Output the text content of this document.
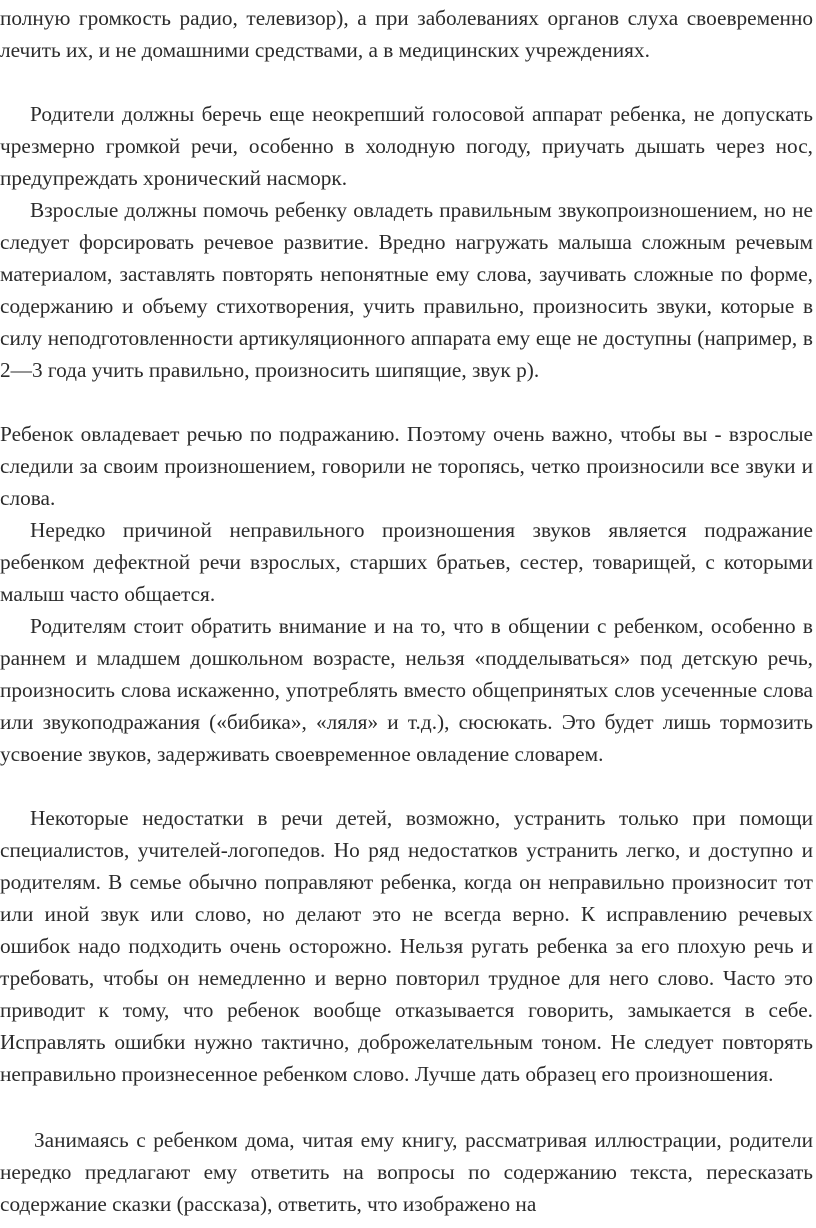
полную громкость радио, телевизор), а при заболеваниях органов слуха своевременно лечить их, и не домашними средствами, а в медицинских учреждениях.

Родители должны беречь еще неокрепший голосовой аппарат ребенка, не допускать чрезмерно громкой речи, особенно в холодную погоду, приучать дышать через нос, предупреждать хронический насморк.

Взрослые должны помочь ребенку овладеть правильным звукопроизношением, но не следует форсировать речевое развитие. Вредно нагружать малыша сложным речевым материалом, заставлять повторять непонятные ему слова, заучивать сложные по форме, содержанию и объему стихотворения, учить правильно, произносить звуки, которые в силу неподготовленности артикуляционного аппарата ему еще не доступны (например, в 2—3 года учить правильно, произносить шипящие, звук р).

Ребенок овладевает речью по подражанию. Поэтому очень важно, чтобы вы - взрослые следили за своим произношением, говорили не торопясь, четко произносили все звуки и слова.

Нередко причиной неправильного произношения звуков является подражание ребенком дефектной речи взрослых, старших братьев, сестер, товарищей, с которыми малыш часто общается.

Родителям стоит обратить внимание и на то, что в общении с ребенком, особенно в раннем и младшем дошкольном возрасте, нельзя «подделываться» под детскую речь, произносить слова искаженно, употреблять вместо общепринятых слов усеченные слова или звукоподражания («бибика», «ляля» и т.д.), сюсюкать. Это будет лишь тормозить усвоение звуков, задерживать своевременное овладение словарем.

Некоторые недостатки в речи детей, возможно, устранить только при помощи специалистов, учителей-логопедов. Но ряд недостатков устранить легко, и доступно и родителям. В семье обычно поправляют ребенка, когда он неправильно произносит тот или иной звук или слово, но делают это не всегда верно. К исправлению речевых ошибок надо подходить очень осторожно. Нельзя ругать ребенка за его плохую речь и требовать, чтобы он немедленно и верно повторил трудное для него слово. Часто это приводит к тому, что ребенок вообще отказывается говорить, замыкается в себе. Исправлять ошибки нужно тактично, доброжелательным тоном. Не следует повторять неправильно произнесенное ребенком слово. Лучше дать образец его произношения.

Занимаясь с ребенком дома, читая ему книгу, рассматривая иллюстрации, родители нередко предлагают ему ответить на вопросы по содержанию текста, пересказать содержание сказки (рассказа), ответить, что изображено на
